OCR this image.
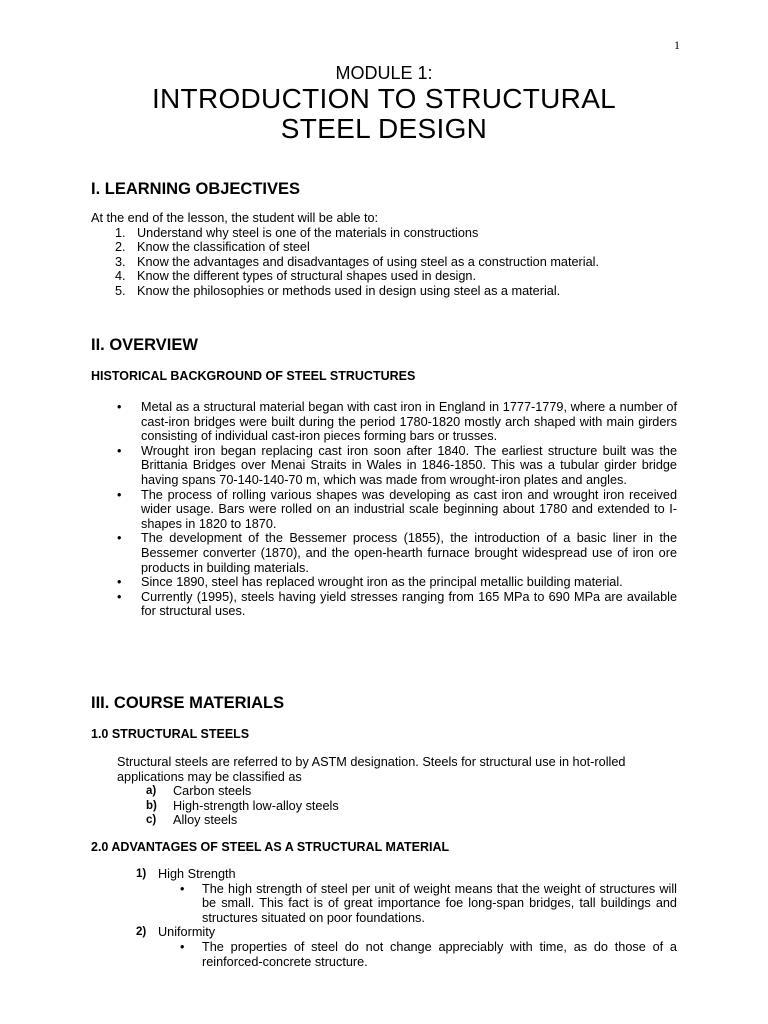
1
MODULE 1:
INTRODUCTION TO STRUCTURAL
STEEL DESIGN
I. LEARNING OBJECTIVES
At the end of the lesson, the student will be able to:
1. Understand why steel is one of the materials in constructions
2. Know the classification of steel
3. Know the advantages and disadvantages of using steel as a construction material.
4. Know the different types of structural shapes used in design.
5. Know the philosophies or methods used in design using steel as a material.
II. OVERVIEW
HISTORICAL BACKGROUND OF STEEL STRUCTURES
• Metal as a structural material began with cast iron in England in 1777-1779, where a number of cast-iron bridges were built during the period 1780-1820 mostly arch shaped with main girders consisting of individual cast-iron pieces forming bars or trusses.
• Wrought iron began replacing cast iron soon after 1840. The earliest structure built was the Brittania Bridges over Menai Straits in Wales in 1846-1850. This was a tubular girder bridge having spans 70-140-140-70 m, which was made from wrought-iron plates and angles.
• The process of rolling various shapes was developing as cast iron and wrought iron received wider usage. Bars were rolled on an industrial scale beginning about 1780 and extended to I-shapes in 1820 to 1870.
• The development of the Bessemer process (1855), the introduction of a basic liner in the Bessemer converter (1870), and the open-hearth furnace brought widespread use of iron ore products in building materials.
• Since 1890, steel has replaced wrought iron as the principal metallic building material.
• Currently (1995), steels having yield stresses ranging from 165 MPa to 690 MPa are available for structural uses.
III. COURSE MATERIALS
1.0 STRUCTURAL STEELS

Structural steels are referred to by ASTM designation. Steels for structural use in hot-rolled applications may be classified as

a) Carbon steels
b) High-strength low-alloy steels
c) Alloy steels
2.0 ADVANTAGES OF STEEL AS A STRUCTURAL MATERIAL
1) High Strength
• The high strength of steel per unit of weight means that the weight of structures will be small. This fact is of great importance foe long-span bridges, tall buildings and structures situated on poor foundations.
2) Uniformity
• The properties of steel do not change appreciably with time, as do those of a reinforced-concrete structure.
